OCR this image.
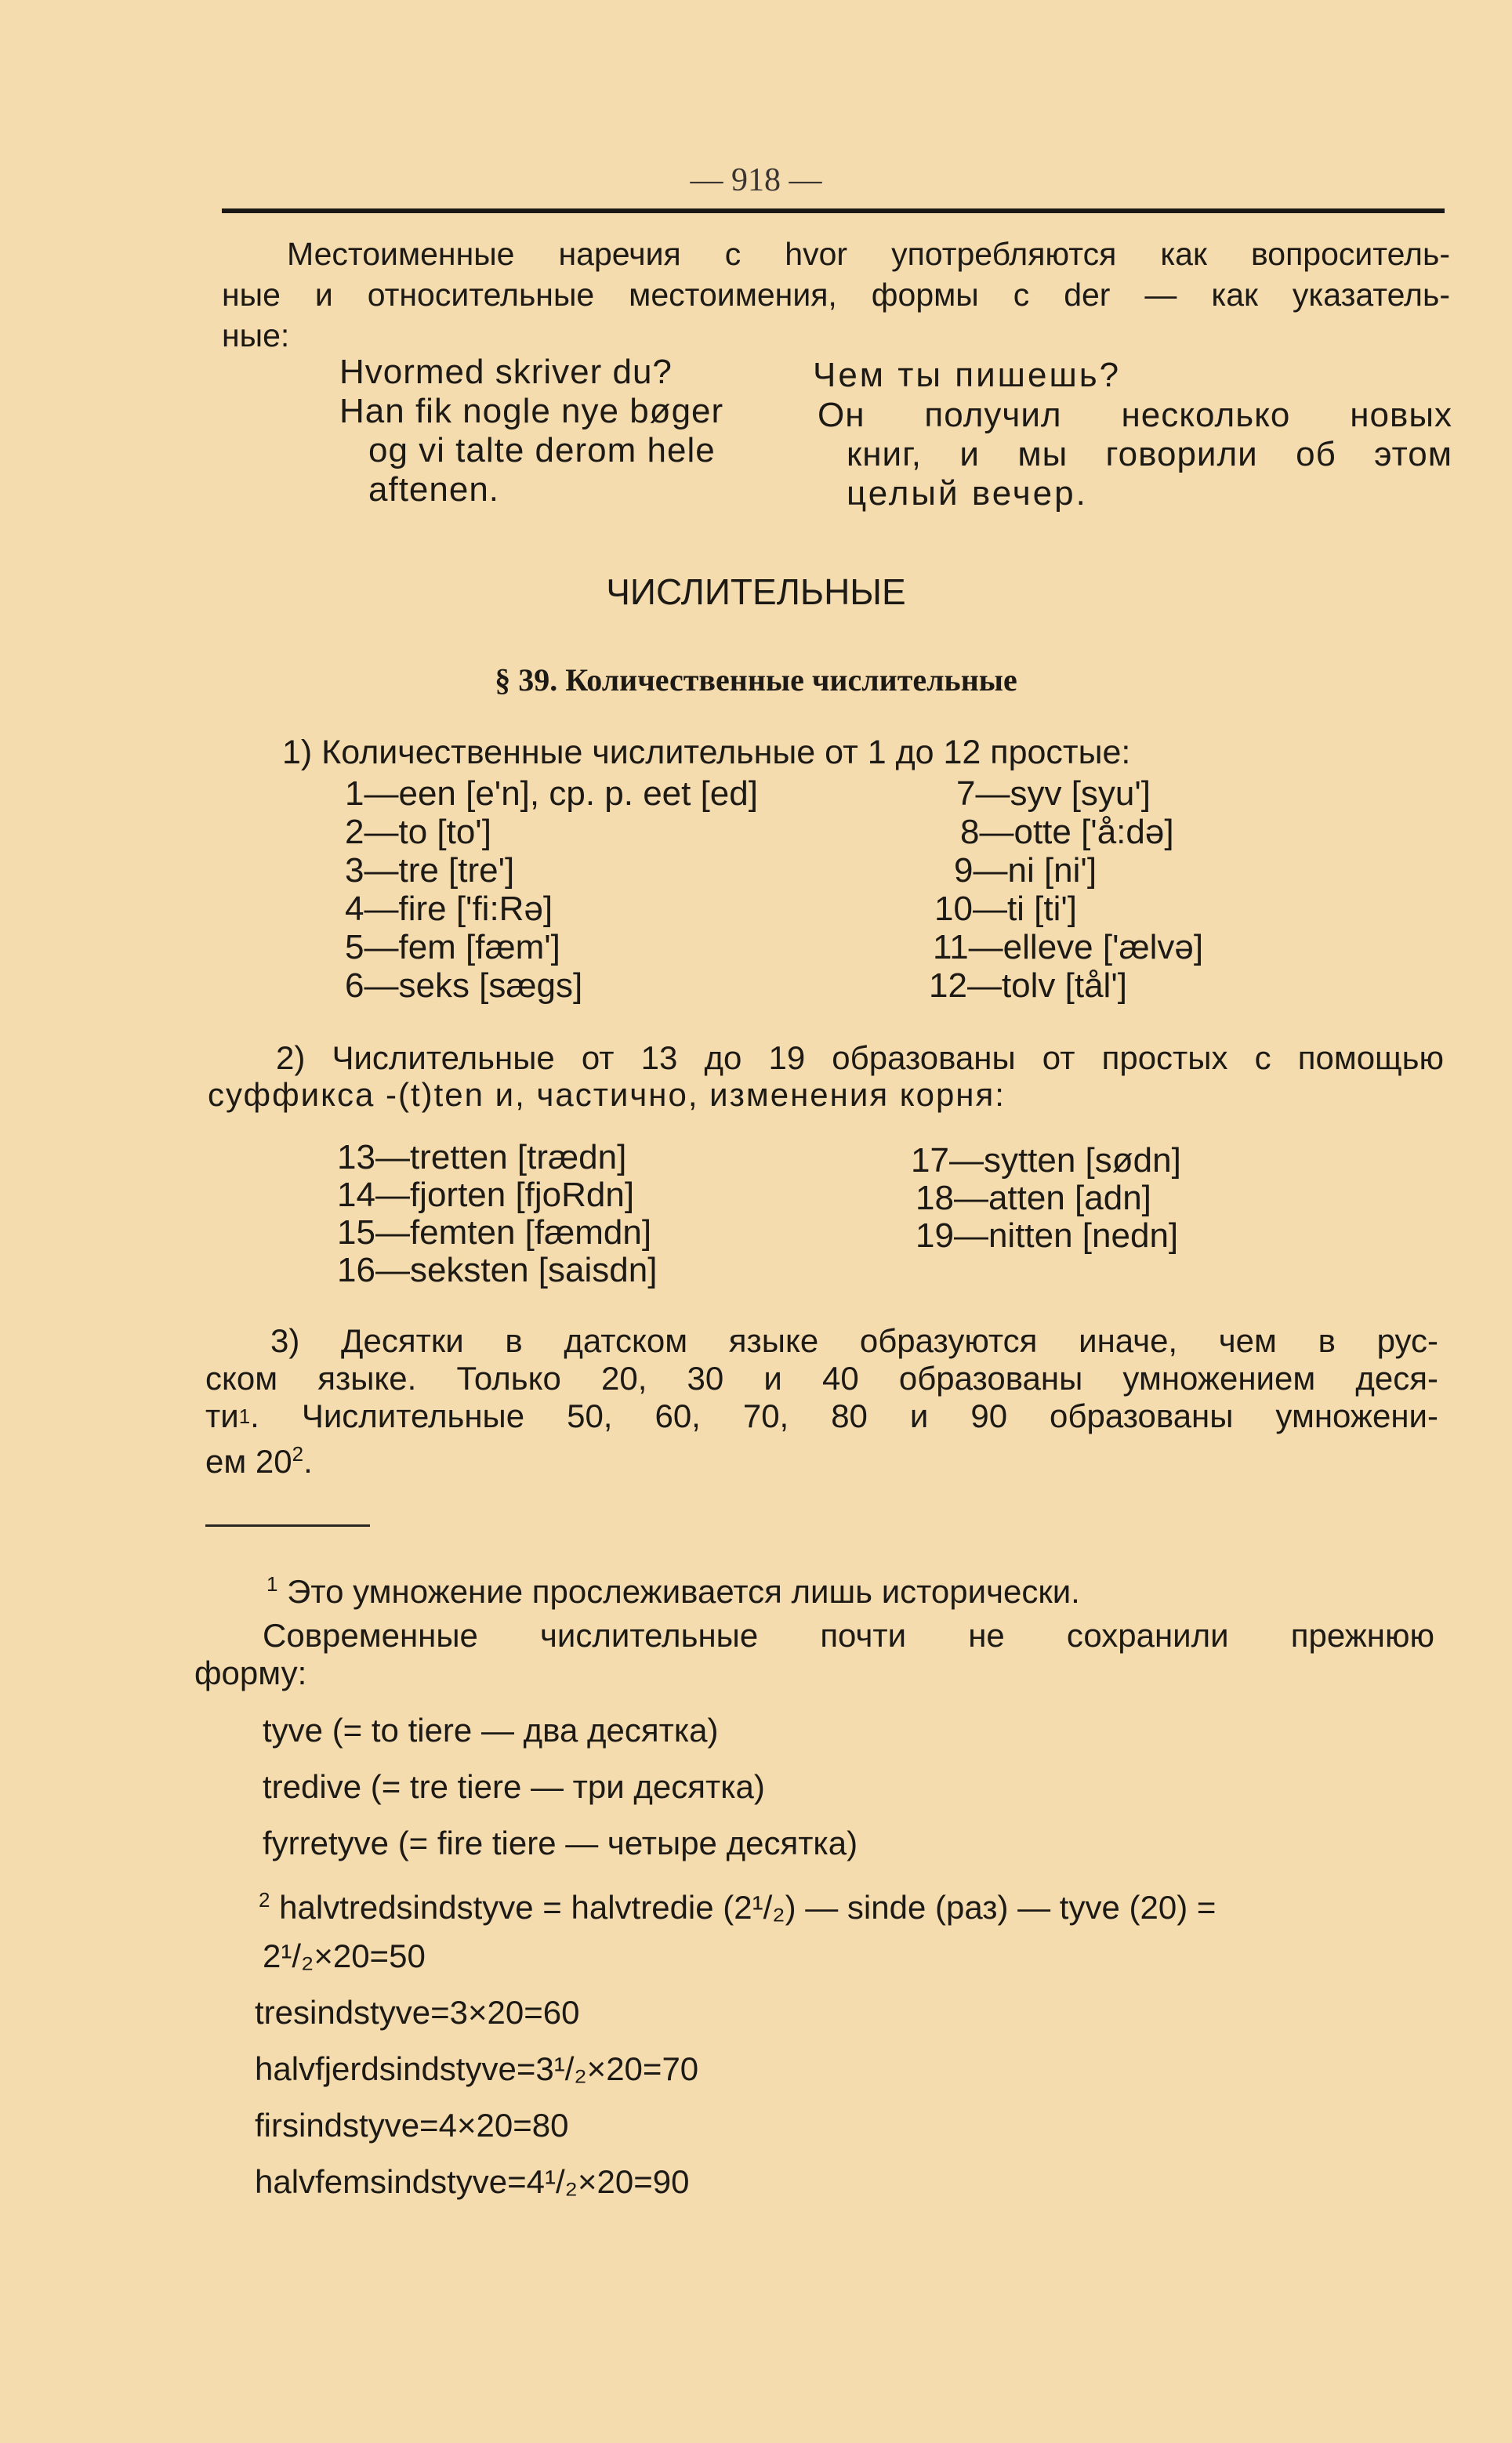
— 918 —
Местоименные наречия с hvor употребляются как вопроситель-
ные и относительные местоимения, формы с der — как указатель-
ные:
Hvormed skriver du?	Чем ты пишешь?
Han fik nogle nye bøger
og vi talte derom hele
aftenen.
Он получил несколько новых
книг, и мы говорили об этом
целый вечер.
ЧИСЛИТЕЛЬНЫЕ
§ 39. Количественные числительные
1) Количественные числительные от 1 до 12 простые:
1—een [e'n], ср. р. eet [ed]
2—to [to']
3—tre [tre']
4—fire ['fi:Rə]
5—fem [fæm']
6—seks [sægs]
7—syv [syu']
8—otte ['å:də]
9—ni [ni']
10—ti [ti']
11—elleve ['ælvə]
12—tolv [tål']
2) Числительные от 13 до 19 образованы от простых с помощью
суффикса -(t)ten и, частично, изменения корня:
13—tretten [trædn]
14—fjorten [fjoRdn]
15—femten [fæmdn]
16—seksten [saisdn]
17—sytten [sødn]
18—atten [adn]
19—nitten [nedn]
3) Десятки в датском языке образуются иначе, чем в рус-
ском языке. Только 20, 30 и 40 образованы умножением деся-
ти 1 . Числительные 50, 60, 70, 80 и 90 образованы умножени-
ем $20^2$.
$^1$ Это умножение прослеживается лишь исторически.
Современные числительные почти не сохранили прежнюю
форму:
tyve (= to tiere — два десятка)
tredive (= tre tiere — три десятка)
fyrretyve (= fire tiere — четыре десятка)
$^2$ halvtredsindstyve = halvtredie (2¹/₂) — sinde (раз) — tyve (20) =
2¹/₂×20=50
tresindstyve=3×20=60
halvfjerdsindstyve=3¹/₂×20=70
firsindstyve=4×20=80
halvfemsindstyve=4¹/₂×20=90
